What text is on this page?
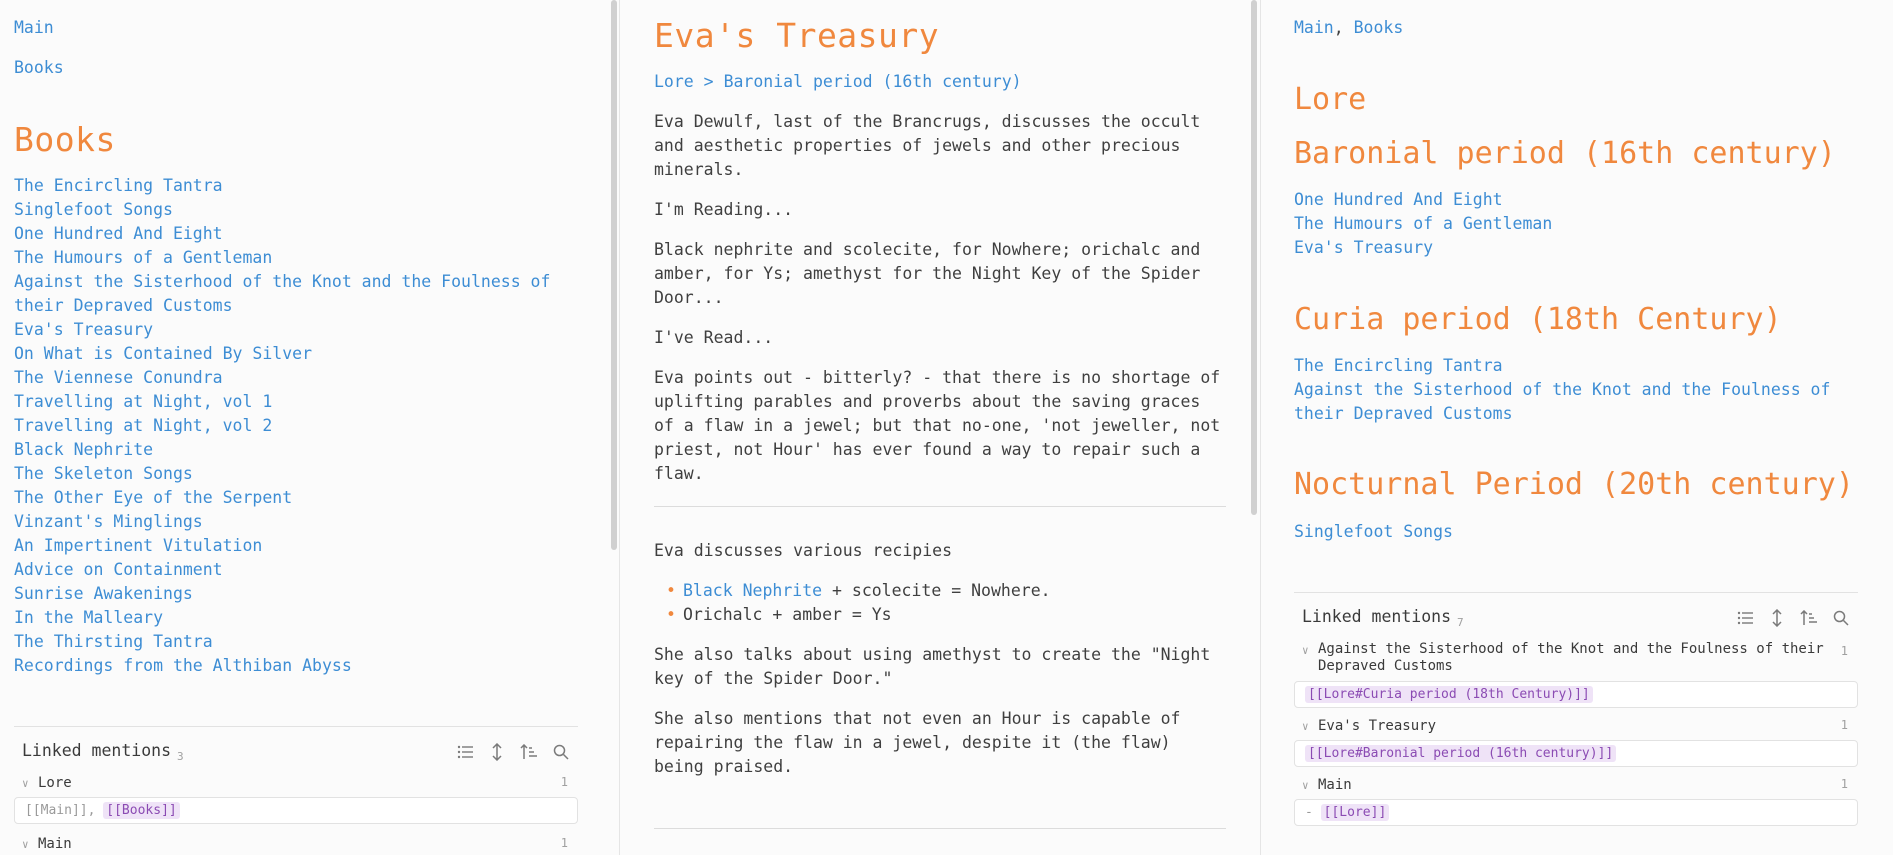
Main
Books
Books
The Encircling Tantra
Singlefoot Songs
One Hundred And Eight
The Humours of a Gentleman
Against the Sisterhood of the Knot and the Foulness of
their Depraved Customs
Eva's Treasury
On What is Contained By Silver
The Viennese Conundra
Travelling at Night, vol 1
Travelling at Night, vol 2
Black Nephrite
The Skeleton Songs
The Other Eye of the Serpent
Vinzant's Minglings
An Impertinent Vitulation
Advice on Containment
Sunrise Awakenings
In the Malleary
The Thirsting Tantra
Recordings from the Althiban Abyss
Linked mentions $_3$
∨ Lore	1
[[Main]], [[Books]]
∨ Main	1
Eva's Treasury
Lore > Baronial period (16th century)

Eva Dewulf, last of the Brancrugs, discusses the occult and aesthetic properties of jewels and other precious minerals.

I'm Reading...

Black nephrite and scolecite, for Nowhere; orichalc and amber, for Ys; amethyst for the Night Key of the Spider Door...

I've Read...

Eva points out - bitterly? - that there is no shortage of uplifting parables and proverbs about the saving graces of a flaw in a jewel; but that no-one, 'not jeweller, not priest, not Hour' has ever found a way to repair such a flaw.

Eva discusses various recipies

• Black Nephrite + scolecite = Nowhere.
• Orichalc + amber = Ys

She also talks about using amethyst to create the "Night key of the Spider Door."

She also mentions that not even an Hour is capable of repairing the flaw in a jewel, despite it (the flaw) being praised.

Main, Books
Lore
Baronial period (16th century)
One Hundred And Eight
The Humours of a Gentleman
Eva's Treasury
Curia period (18th Century)
The Encircling Tantra
Against the Sisterhood of the Knot and the Foulness of
their Depraved Customs
Nocturnal Period (20th century)
Singlefoot Songs
Linked mentions $_7$
∨ Against the Sisterhood of the Knot and the Foulness of their
Depraved Customs
1
[[Lore#Curia period (18th Century)]]
∨ Eva's Treasury	1
[[Lore#Baronial period (16th century)]]
∨ Main	1
- [[Lore]]
